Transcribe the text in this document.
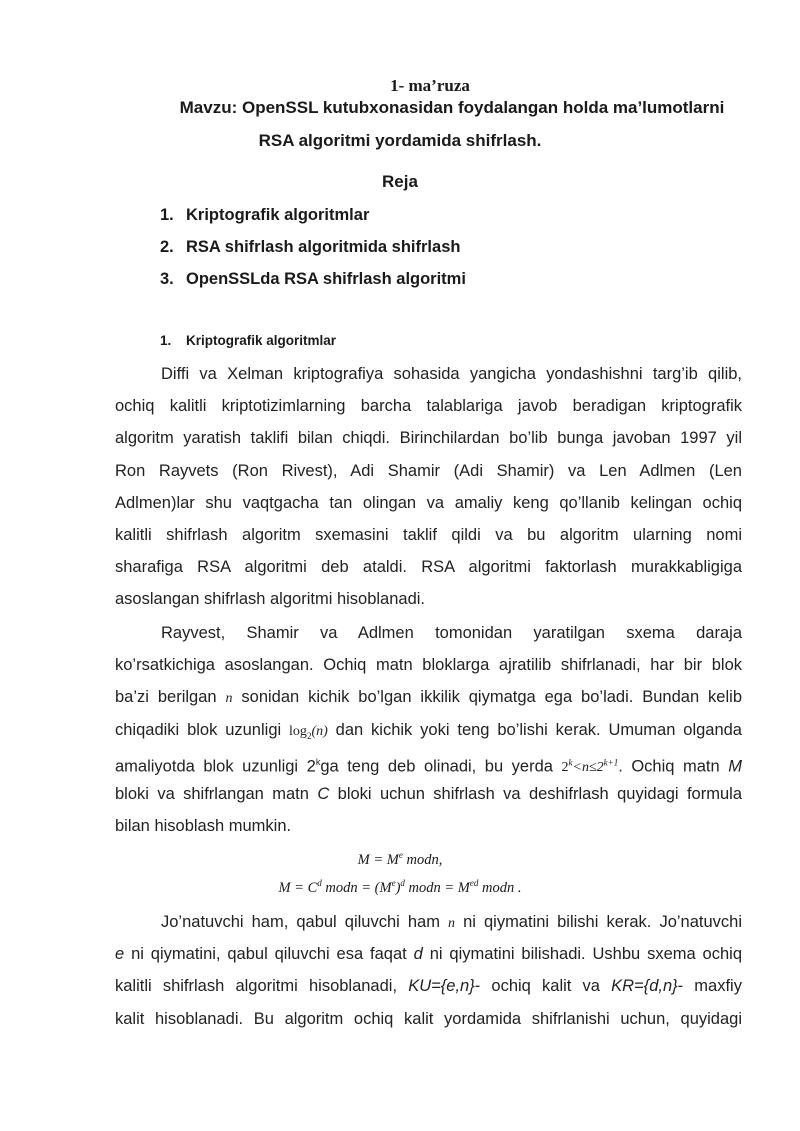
1- ma’ruza
Mavzu: OpenSSL kutubxonasidan foydalangan holda ma’lumotlarni
RSA algoritmi yordamida shifrlash.
Reja
1. Kriptografik algoritmlar
2. RSA shifrlash algoritmida shifrlash
3. OpenSSLda RSA shifrlash algoritmi
1. Kriptografik algoritmlar
Diffi va Xelman kriptografiya sohasida yangicha yondashishni targ’ib qilib,
ochiq kalitli kriptotizimlarning barcha talablariga javob beradigan kriptografik
algoritm yaratish taklifi bilan chiqdi. Birinchilardan bo’lib bunga javoban 1997 yil
Ron Rayvets (Ron Rivest), Adi Shamir (Adi Shamir) va Len Adlmen (Len
Adlmen)lar shu vaqtgacha tan olingan va amaliy keng qo’llanib kelingan ochiq
kalitli shifrlash algoritm sxemasini taklif qildi va bu algoritm ularning nomi
sharafiga RSA algoritmi deb ataldi. RSA algoritmi faktorlash murakkabligiga
asoslangan shifrlash algoritmi hisoblanadi.
Rayvest, Shamir va Adlmen tomonidan yaratilgan sxema daraja
ko’rsatkichiga asoslangan. Ochiq matn bloklarga ajratilib shifrlanadi, har bir blok
ba’zi berilgan n sonidan kichik bo’lgan ikkilik qiymatga ega bo’ladi. Bundan kelib
chiqadiki blok uzunligi $\log_2(n)$ dan kichik yoki teng bo’lishi kerak. Umuman olganda
amaliyotda blok uzunligi 2$^k$ga teng deb olinadi, bu yerda $2^k<n\le 2^{k+1}$. Ochiq matn M
bloki va shifrlangan matn C bloki uchun shifrlash va deshifrlash quyidagi formula
bilan hisoblash mumkin.
$M = M^e$ modn,
$M = C^d$ modn = $(M^e)^d$ modn = $M^{ed}$ modn .
Jo’natuvchi ham, qabul qiluvchi ham n ni qiymatini bilishi kerak. Jo’natuvchi
e ni qiymatini, qabul qiluvchi esa faqat d ni qiymatini bilishadi. Ushbu sxema ochiq
kalitli shifrlash algoritmi hisoblanadi, KU={e,n}- ochiq kalit va KR={d,n}- maxfiy
kalit hisoblanadi. Bu algoritm ochiq kalit yordamida shifrlanishi uchun, quyidagi
